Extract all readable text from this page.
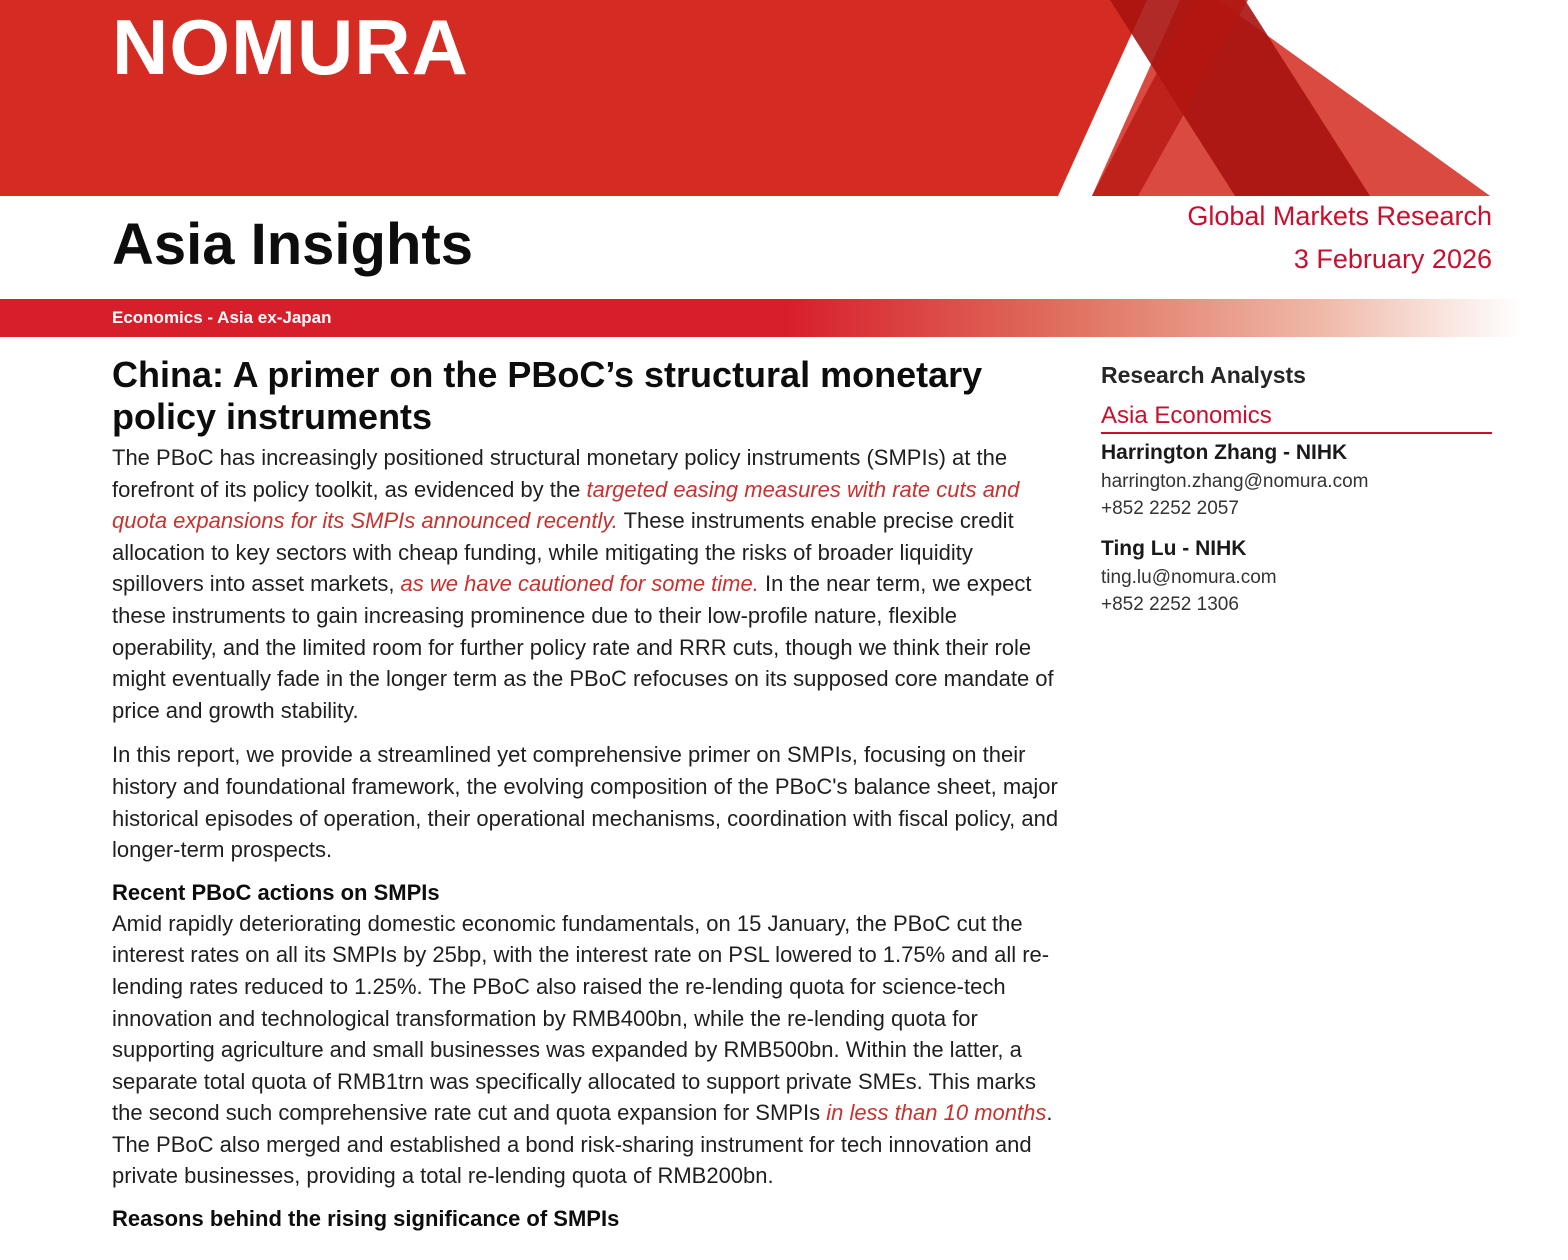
NOMURA
Asia Insights	Global Markets Research
3 February 2026
Economics - Asia ex-Japan
China: A primer on the PBoC’s structural monetary policy instruments

The PBoC has increasingly positioned structural monetary policy instruments (SMPIs) at the forefront of its policy toolkit, as evidenced by the targeted easing measures with rate cuts and quota expansions for its SMPIs announced recently. These instruments enable precise credit allocation to key sectors with cheap funding, while mitigating the risks of broader liquidity spillovers into asset markets, as we have cautioned for some time. In the near term, we expect these instruments to gain increasing prominence due to their low-profile nature, flexible operability, and the limited room for further policy rate and RRR cuts, though we think their role might eventually fade in the longer term as the PBoC refocuses on its supposed core mandate of price and growth stability.

In this report, we provide a streamlined yet comprehensive primer on SMPIs, focusing on their history and foundational framework, the evolving composition of the PBoC's balance sheet, major historical episodes of operation, their operational mechanisms, coordination with fiscal policy, and longer-term prospects.

Recent PBoC actions on SMPIs

Amid rapidly deteriorating domestic economic fundamentals, on 15 January, the PBoC cut the interest rates on all its SMPIs by 25bp, with the interest rate on PSL lowered to 1.75% and all re-lending rates reduced to 1.25%. The PBoC also raised the re-lending quota for science-tech innovation and technological transformation by RMB400bn, while the re-lending quota for supporting agriculture and small businesses was expanded by RMB500bn. Within the latter, a separate total quota of RMB1trn was specifically allocated to support private SMEs. This marks the second such comprehensive rate cut and quota expansion for SMPIs in less than 10 months. The PBoC also merged and established a bond risk-sharing instrument for tech innovation and private businesses, providing a total re-lending quota of RMB200bn.

Reasons behind the rising significance of SMPIs
Research Analysts
Asia Economics
Harrington Zhang - NIHK
harrington.zhang@nomura.com
+852 2252 2057
Ting Lu - NIHK
ting.lu@nomura.com
+852 2252 1306
